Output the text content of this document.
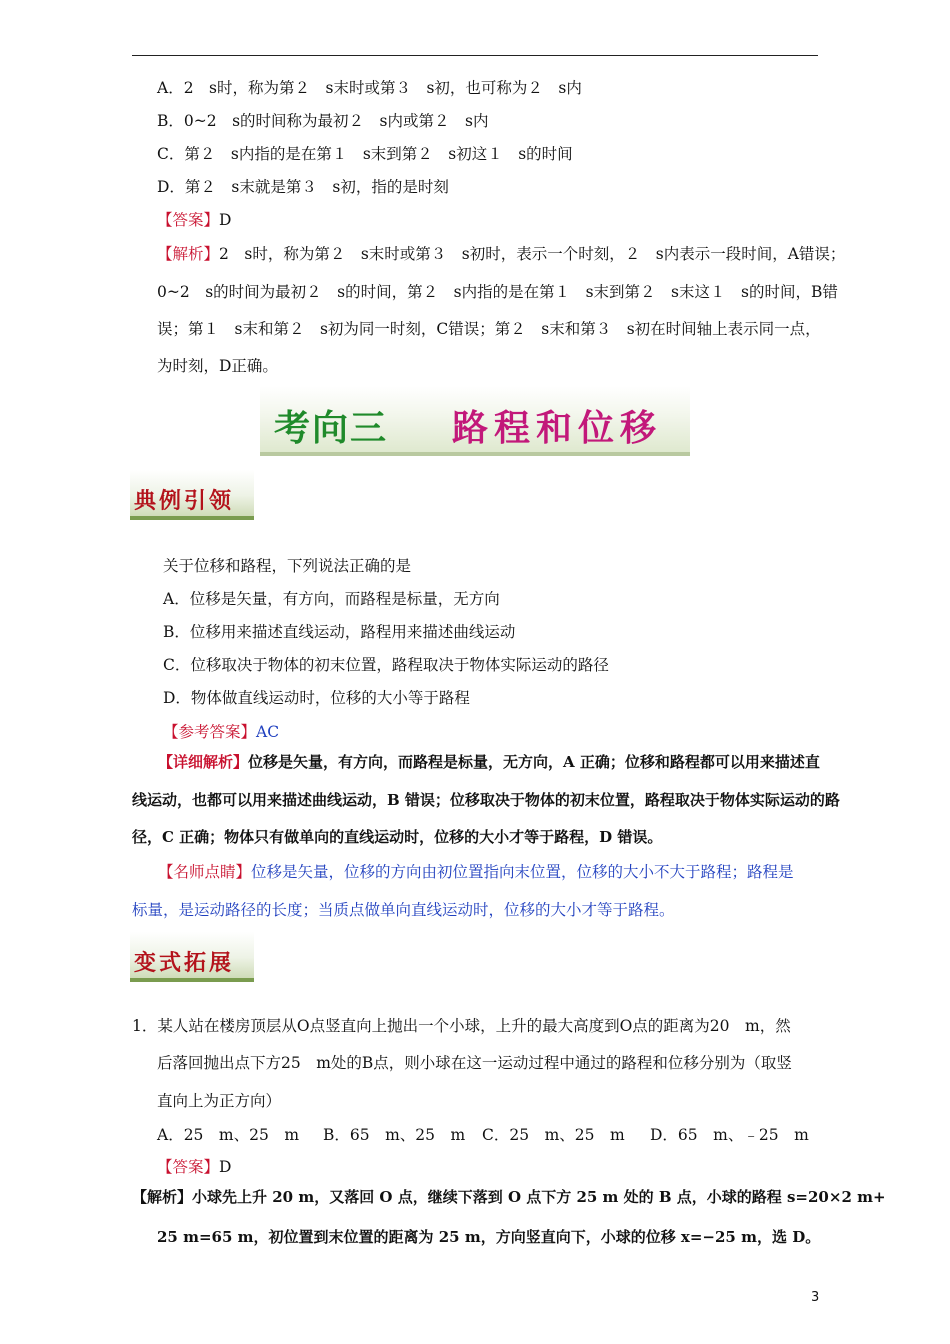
A．2　s时，称为第２　s末时或第３　s初，也可称为２　s内
B．0~2　s的时间称为最初２　s内或第２　s内
C．第２　s内指的是在第１　s末到第２　s初这１　s的时间
D．第２　s末就是第３　s初，指的是时刻
【答案】D
【解析】2　s时，称为第２　s末时或第３　s初时，表示一个时刻，２　s内表示一段时间，A错误；
0~2　s的时间为最初２　s的时间，第２　s内指的是在第１　s末到第２　s末这１　s的时间，B错
误；第１　s末和第２　s初为同一时刻，C错误；第２　s末和第３　s初在时间轴上表示同一点，
为时刻，D正确。
考向三 路程和位移
典例引领
关于位移和路程，下列说法正确的是
A．位移是矢量，有方向，而路程是标量，无方向
B．位移用来描述直线运动，路程用来描述曲线运动
C．位移取决于物体的初末位置，路程取决于物体实际运动的路径
D．物体做直线运动时，位移的大小等于路程
【参考答案】AC
【详细解析】位移是矢量，有方向，而路程是标量，无方向，A 正确；位移和路程都可以用来描述直
线运动，也都可以用来描述曲线运动，B 错误；位移取决于物体的初末位置，路程取决于物体实际运动的路
径，C 正确；物体只有做单向的直线运动时，位移的大小才等于路程，D 错误。
【名师点睛】位移是矢量，位移的方向由初位置指向末位置，位移的大小不大于路程；路程是
标量，是运动路径的长度；当质点做单向直线运动时，位移的大小才等于路程。
变式拓展
1．某人站在楼房顶层从O点竖直向上抛出一个小球，上升的最大高度到O点的距离为20　m，然
后落回抛出点下方25　m处的B点，则小球在这一运动过程中通过的路程和位移分别为（取竖
直向上为正方向）
A．25　m、25　m B．65　m、25　m C．25　m、25　m D．65　m、﹣25　m
【答案】D
【解析】小球先上升 20 m，又落回 O 点，继续下落到 O 点下方 25 m 处的 B 点，小球的路程 s=20×2 m+
25 m=65 m，初位置到末位置的距离为 25 m，方向竖直向下，小球的位移 x=−25 m，选 D。
3
